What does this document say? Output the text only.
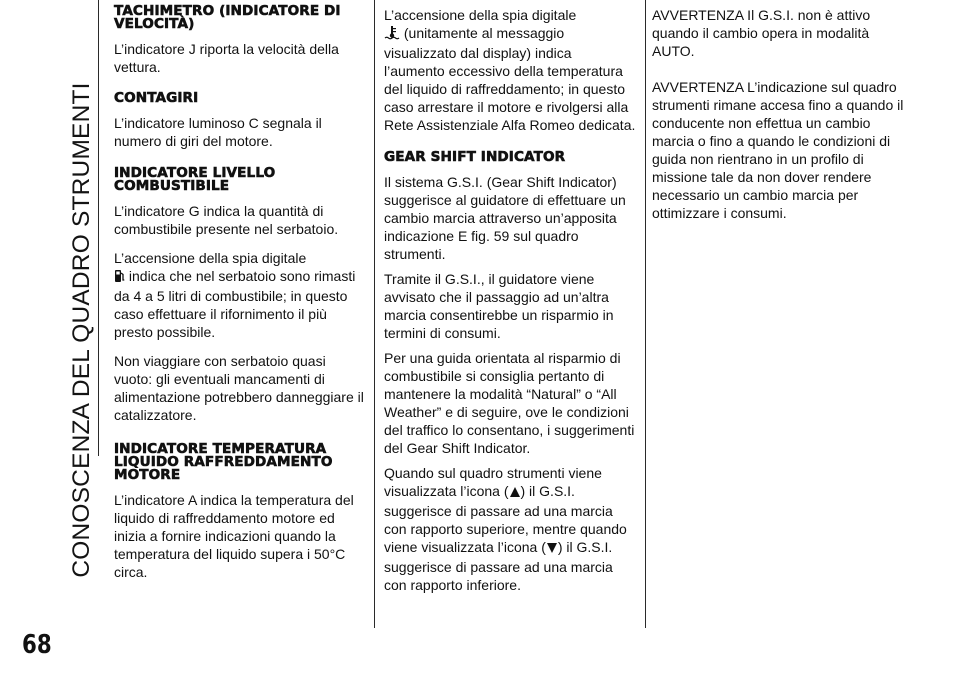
CONOSCENZA DEL QUADRO STRUMENTI
68
TACHIMETRO (INDICATORE DI VELOCITÀ)

L’indicatore J riporta la velocità della vettura.

CONTAGIRI

L’indicatore luminoso C segnala il numero di giri del motore.

INDICATORE LIVELLO COMBUSTIBILE

L’indicatore G indica la quantità di combustibile presente nel serbatoio.

L’accensione della spia digitale
indica che nel serbatoio sono rimasti da 4 a 5 litri di combustibile; in questo caso effettuare il rifornimento il più presto possibile.

Non viaggiare con serbatoio quasi vuoto: gli eventuali mancamenti di alimentazione potrebbero danneggiare il catalizzatore.

INDICATORE TEMPERATURA LIQUIDO RAFFREDDAMENTO MOTORE

L’indicatore A indica la temperatura del liquido di raffreddamento motore ed inizia a fornire indicazioni quando la temperatura del liquido supera i 50°C circa.

L’accensione della spia digitale
(unitamente al messaggio visualizzato dal display) indica l’aumento eccessivo della temperatura del liquido di raffreddamento; in questo caso arrestare il motore e rivolgersi alla Rete Assistenziale Alfa Romeo dedicata.

GEAR SHIFT INDICATOR

Il sistema G.S.I. (Gear Shift Indicator) suggerisce al guidatore di effettuare un cambio marcia attraverso un’apposita indicazione E fig. 59 sul quadro strumenti.

Tramite il G.S.I., il guidatore viene avvisato che il passaggio ad un’altra marcia consentirebbe un risparmio in termini di consumi.

Per una guida orientata al risparmio di combustibile si consiglia pertanto di mantenere la modalità “Natural” o “All Weather” e di seguire, ove le condizioni del traffico lo consentano, i suggerimenti del Gear Shift Indicator.

Quando sul quadro strumenti viene visualizzata l’icona ( ) il G.S.I. suggerisce di passare ad una marcia con rapporto superiore, mentre quando viene visualizzata l’icona ( ) il G.S.I. suggerisce di passare ad una marcia con rapporto inferiore.

AVVERTENZA Il G.S.I. non è attivo quando il cambio opera in modalità AUTO.

AVVERTENZA L’indicazione sul quadro strumenti rimane accesa fino a quando il conducente non effettua un cambio marcia o fino a quando le condizioni di guida non rientrano in un profilo di missione tale da non dover rendere necessario un cambio marcia per ottimizzare i consumi.
